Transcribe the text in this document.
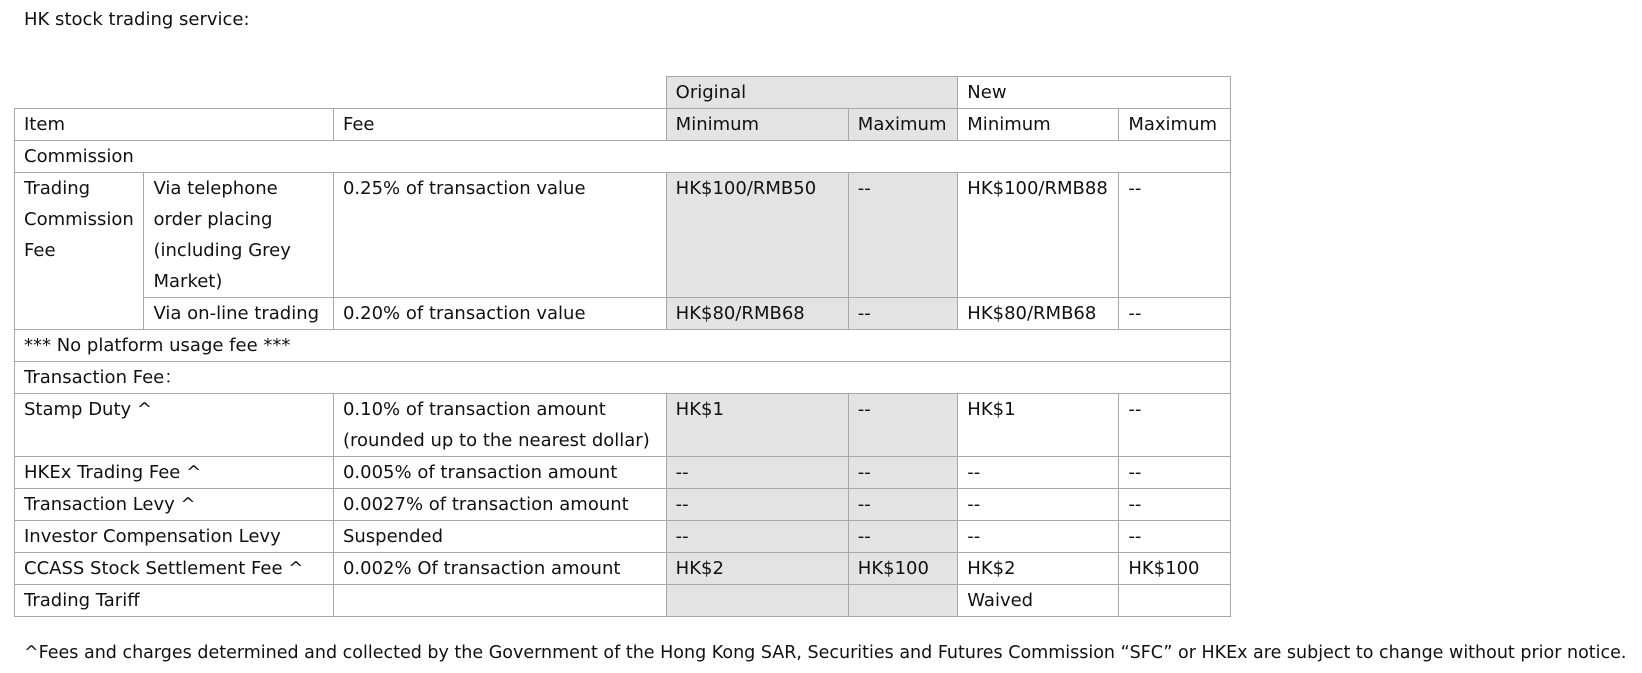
HK stock trading service:
			Original		New	
Item		Fee	Minimum	Maximum	Minimum	Maximum
Commission						
Trading Commission Fee	Via telephone order placing (including Grey Market)	0.25% of transaction value	HK$100/RMB50	--	HK$100/RMB88	--
	Via on-line trading	0.20% of transaction value	HK$80/RMB68	--	HK$80/RMB68	--
*** No platform usage fee ***						
Transaction Fee：						
Stamp Duty ^		0.10% of transaction amount (rounded up to the nearest dollar)	HK$1	--	HK$1	--
HKEx Trading Fee ^		0.005% of transaction amount	--	--	--	--
Transaction Levy ^		0.0027% of transaction amount	--	--	--	--
Investor Compensation Levy		Suspended	--	--	--	--
CCASS Stock Settlement Fee ^		0.002% Of transaction amount	HK$2	HK$100	HK$2	HK$100
Trading Tariff					Waived	
^Fees and charges determined and collected by the Government of the Hong Kong SAR, Securities and Futures Commission “SFC” or HKEx are subject to change without prior notice.
